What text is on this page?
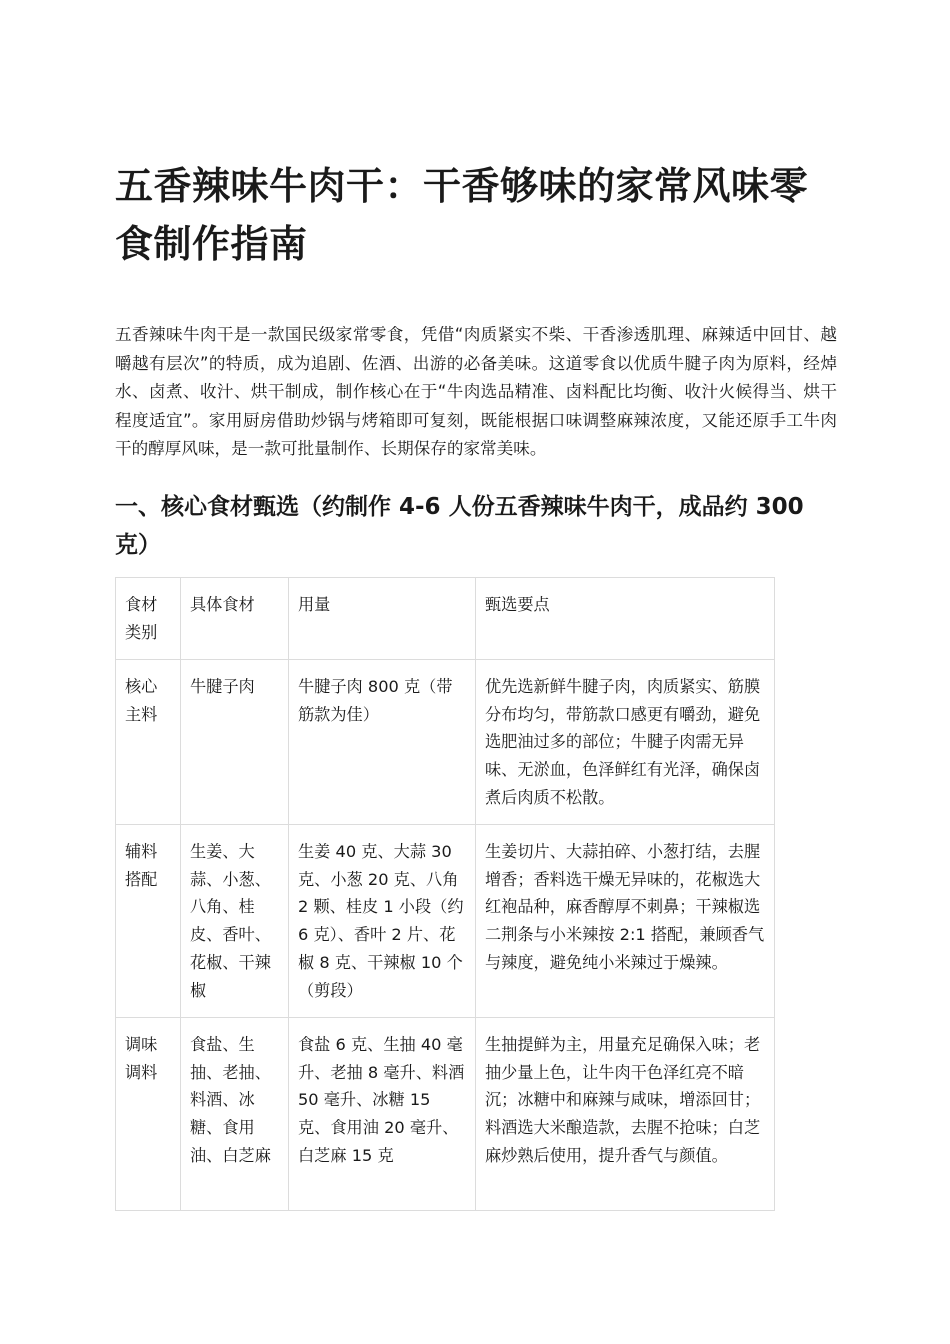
五香辣味牛肉干：干香够味的家常风味零食制作指南

五香辣味牛肉干是一款国民级家常零食，凭借“肉质紧实不柴、干香渗透肌理、麻辣适中回甘、越嚼越有层次”的特质，成为追剧、佐酒、出游的必备美味。这道零食以优质牛腱子肉为原料，经焯水、卤煮、收汁、烘干制成，制作核心在于“牛肉选品精准、卤料配比均衡、收汁火候得当、烘干程度适宜”。家用厨房借助炒锅与烤箱即可复刻，既能根据口味调整麻辣浓度，又能还原手工牛肉干的醇厚风味，是一款可批量制作、长期保存的家常美味。

一、核心食材甄选（约制作 4-6 人份五香辣味牛肉干，成品约 300 克）
食材类别	具体食材	用量	甄选要点
核心主料	牛腱子肉	牛腱子肉 800 克（带筋款为佳）	优先选新鲜牛腱子肉，肉质紧实、筋膜分布均匀，带筋款口感更有嚼劲，避免选肥油过多的部位；牛腱子肉需无异味、无淤血，色泽鲜红有光泽，确保卤煮后肉质不松散。
辅料搭配	生姜、大蒜、小葱、八角、桂皮、香叶、花椒、干辣椒	生姜 40 克、大蒜 30 克、小葱 20 克、八角 2 颗、桂皮 1 小段（约 6 克）、香叶 2 片、花椒 8 克、干辣椒 10 个（剪段）	生姜切片、大蒜拍碎、小葱打结，去腥增香；香料选干燥无异味的，花椒选大红袍品种，麻香醇厚不刺鼻；干辣椒选二荆条与小米辣按 2:1 搭配，兼顾香气与辣度，避免纯小米辣过于燥辣。
调味调料	食盐、生抽、老抽、料酒、冰糖、食用油、白芝麻	食盐 6 克、生抽 40 毫升、老抽 8 毫升、料酒 50 毫升、冰糖 15 克、食用油 20 毫升、白芝麻 15 克	生抽提鲜为主，用量充足确保入味；老抽少量上色，让牛肉干色泽红亮不暗沉；冰糖中和麻辣与咸味，增添回甘；料酒选大米酿造款，去腥不抢味；白芝麻炒熟后使用，提升香气与颜值。
